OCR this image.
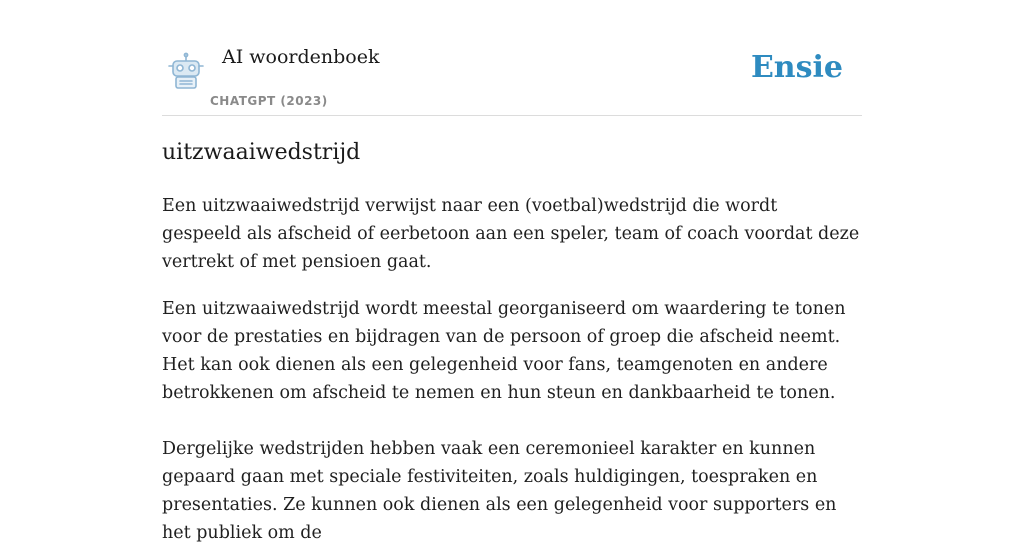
AI woordenboek
CHATGPT (2023)
Ensie
uitzwaaiwedstrijd

Een uitzwaaiwedstrijd verwijst naar een (voetbal)wedstrijd die wordt gespeeld als afscheid of eerbetoon aan een speler, team of coach voordat deze vertrekt of met pensioen gaat.

Een uitzwaaiwedstrijd wordt meestal georganiseerd om waardering te tonen voor de prestaties en bijdragen van de persoon of groep die afscheid neemt. Het kan ook dienen als een gelegenheid voor fans, teamgenoten en andere betrokkenen om afscheid te nemen en hun steun en dankbaarheid te tonen.

Dergelijke wedstrijden hebben vaak een ceremonieel karakter en kunnen gepaard gaan met speciale festiviteiten, zoals huldigingen, toespraken en presentaties. Ze kunnen ook dienen als een gelegenheid voor supporters en het publiek om de
